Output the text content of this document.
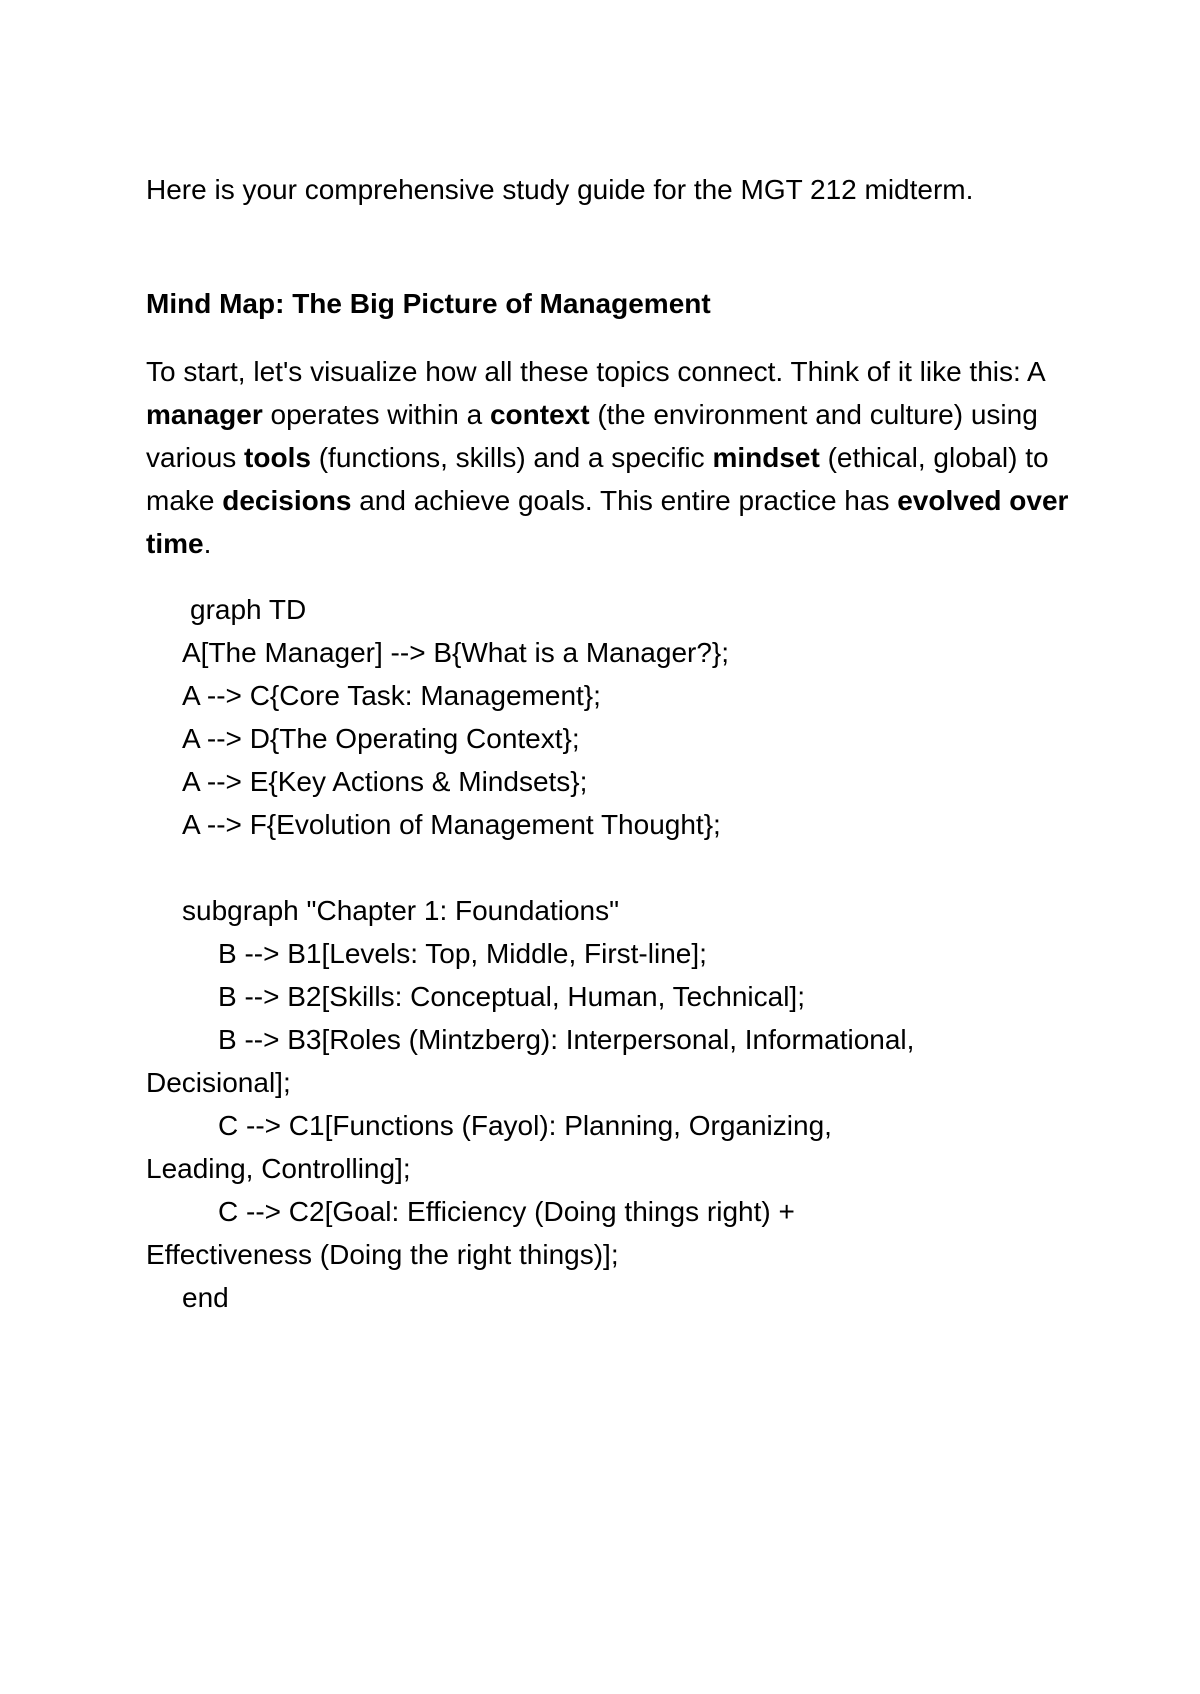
Here is your comprehensive study guide for the MGT 212 midterm.

Mind Map: The Big Picture of Management

To start, let's visualize how all these topics connect. Think of it like this: A manager operates within a context (the environment and culture) using various tools (functions, skills) and a specific mindset (ethical, global) to make decisions and achieve goals. This entire practice has evolved over time.

graph TD
A[The Manager] --> B{What is a Manager?};
A --> C{Core Task: Management};
A --> D{The Operating Context};
A --> E{Key Actions & Mindsets};
A --> F{Evolution of Management Thought};
subgraph "Chapter 1: Foundations"
B --> B1[Levels: Top, Middle, First-line];
B --> B2[Skills: Conceptual, Human, Technical];
B --> B3[Roles (Mintzberg): Interpersonal, Informational,
Decisional];
C --> C1[Functions (Fayol): Planning, Organizing,
Leading, Controlling];
C --> C2[Goal: Efficiency (Doing things right) +
Effectiveness (Doing the right things)];
end
